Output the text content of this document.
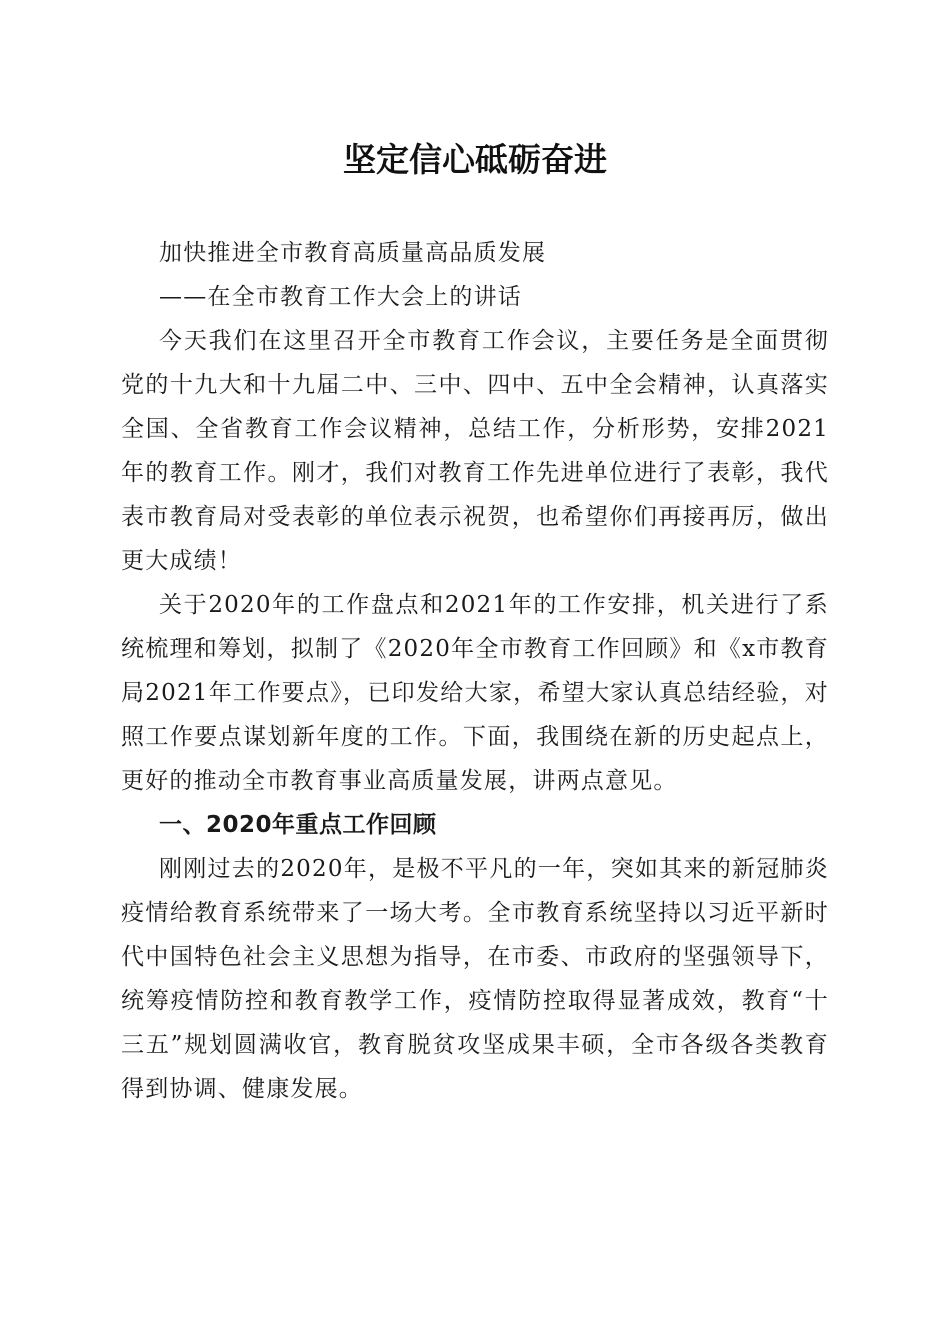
坚定信心砥砺奋进

加快推进全市教育高质量高品质发展

——在全市教育工作大会上的讲话

今天我们在这里召开全市教育工作会议，主要任务是全面贯彻党的十九大和十九届二中、三中、四中、五中全会精神，认真落实全国、全省教育工作会议精神，总结工作，分析形势，安排2021年的教育工作。刚才，我们对教育工作先进单位进行了表彰，我代表市教育局对受表彰的单位表示祝贺，也希望你们再接再厉，做出更大成绩！

关于2020年的工作盘点和2021年的工作安排，机关进行了系统梳理和筹划，拟制了《2020年全市教育工作回顾》和《x市教育局2021年工作要点》，已印发给大家，希望大家认真总结经验，对照工作要点谋划新年度的工作。下面，我围绕在新的历史起点上，更好的推动全市教育事业高质量发展，讲两点意见。

一、2020年重点工作回顾

刚刚过去的2020年，是极不平凡的一年，突如其来的新冠肺炎疫情给教育系统带来了一场大考。全市教育系统坚持以习近平新时代中国特色社会主义思想为指导，在市委、市政府的坚强领导下，统筹疫情防控和教育教学工作，疫情防控取得显著成效，教育“十三五”规划圆满收官，教育脱贫攻坚成果丰硕，全市各级各类教育得到协调、健康发展。
